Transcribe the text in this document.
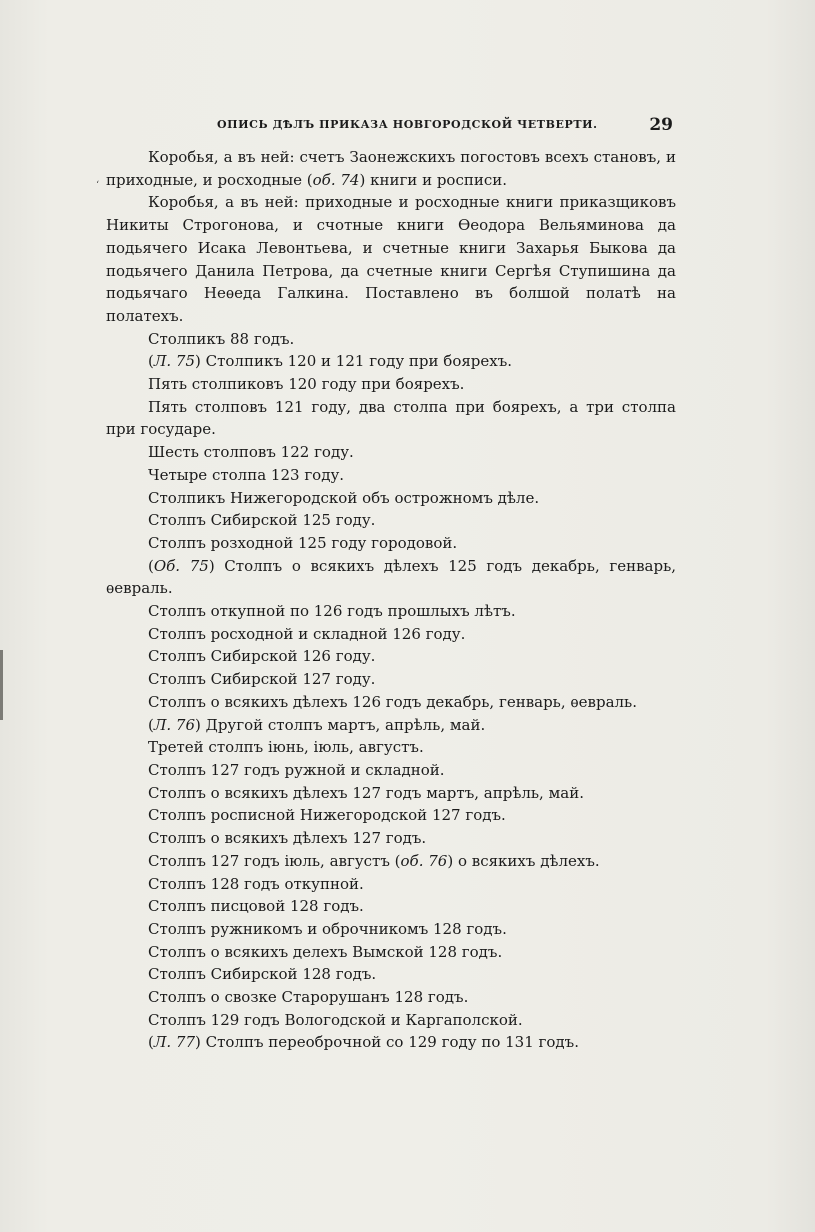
‘
ОПИСЬ ДѢЛЪ ПРИКАЗА НОВГОРОДСКОЙ ЧЕТВЕРТИ.	29

Коробья, а въ ней: счетъ Заонежскихъ погостовъ всехъ становъ, и приходные, и росходные (об. 74) книги и росписи.

Коробья, а въ ней: приходные и росходные книги приказщиковъ Никиты Строгонова, и счотные книги Ѳеодора Вельяминова да подьячего Исака Левонтьева, и счетные книги Захарья Быкова да подьячего Данила Петрова, да счетные книги Сергѣя Ступишина да подьячаго Неѳеда Галкина. Поставлено въ болшой полатѣ на полатехъ.

Столпикъ 88 годъ.

(Л. 75) Столпикъ 120 и 121 году при боярехъ.

Пять столпиковъ 120 году при боярехъ.

Пять столповъ 121 году, два столпа при боярехъ, а три столпа при государе.

Шесть столповъ 122 году.

Четыре столпа 123 году.

Столпикъ Нижегородской объ острожномъ дѣле.

Столпъ Сибирской 125 году.

Столпъ розходной 125 году городовой.

(Об. 75) Столпъ о всякихъ дѣлехъ 125 годъ декабрь, генварь, ѳевраль.

Столпъ откупной по 126 годъ прошлыхъ лѣтъ.

Столпъ росходной и складной 126 году.

Столпъ Сибирской 126 году.

Столпъ Сибирской 127 году.

Столпъ о всякихъ дѣлехъ 126 годъ декабрь, генварь, ѳевраль.

(Л. 76) Другой столпъ мартъ, апрѣль, май.

Третей столпъ іюнь, іюль, августъ.

Столпъ 127 годъ ружной и складной.

Столпъ о всякихъ дѣлехъ 127 годъ мартъ, апрѣль, май.

Столпъ росписной Нижегородской 127 годъ.

Столпъ о всякихъ дѣлехъ 127 годъ.

Столпъ 127 годъ іюль, августъ (об. 76) о всякихъ дѣлехъ.

Столпъ 128 годъ откупной.

Столпъ писцовой 128 годъ.

Столпъ ружникомъ и оброчникомъ 128 годъ.

Столпъ о всякихъ делехъ Вымской 128 годъ.

Столпъ Сибирской 128 годъ.

Столпъ о свозке Старорушанъ 128 годъ.

Столпъ 129 годъ Вологодской и Каргаполской.

(Л. 77) Столпъ переоброчной со 129 году по 131 годъ.
